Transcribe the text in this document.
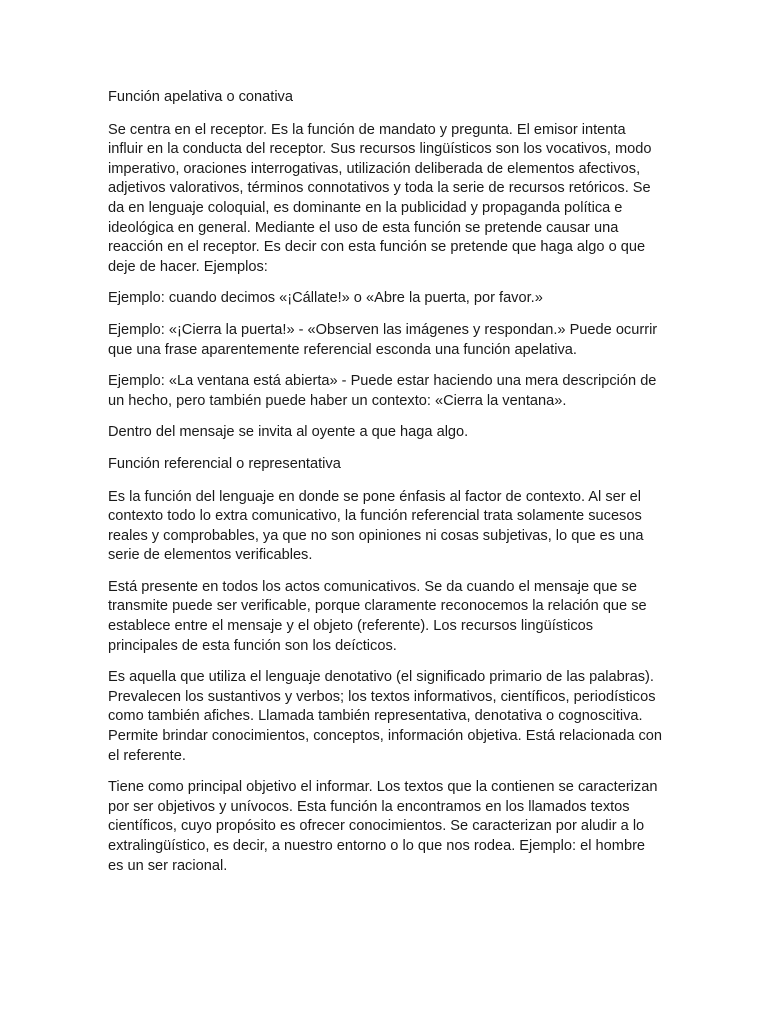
Función apelativa o conativa

Se centra en el receptor. Es la función de mandato y pregunta. El emisor intenta influir en la conducta del receptor. Sus recursos lingüísticos son los vocativos, modo imperativo, oraciones interrogativas, utilización deliberada de elementos afectivos, adjetivos valorativos, términos connotativos y toda la serie de recursos retóricos. Se da en lenguaje coloquial, es dominante en la publicidad y propaganda política e ideológica en general. Mediante el uso de esta función se pretende causar una reacción en el receptor. Es decir con esta función se pretende que haga algo o que deje de hacer. Ejemplos:

Ejemplo: cuando decimos «¡Cállate!» o «Abre la puerta, por favor.»

Ejemplo: «¡Cierra la puerta!» - «Observen las imágenes y respondan.» Puede ocurrir que una frase aparentemente referencial esconda una función apelativa.

Ejemplo: «La ventana está abierta» - Puede estar haciendo una mera descripción de un hecho, pero también puede haber un contexto: «Cierra la ventana».

Dentro del mensaje se invita al oyente a que haga algo.

Función referencial o representativa

Es la función del lenguaje en donde se pone énfasis al factor de contexto. Al ser el contexto todo lo extra comunicativo, la función referencial trata solamente sucesos reales y comprobables, ya que no son opiniones ni cosas subjetivas, lo que es una serie de elementos verificables.

Está presente en todos los actos comunicativos. Se da cuando el mensaje que se transmite puede ser verificable, porque claramente reconocemos la relación que se establece entre el mensaje y el objeto (referente). Los recursos lingüísticos principales de esta función son los deícticos.

Es aquella que utiliza el lenguaje denotativo (el significado primario de las palabras). Prevalecen los sustantivos y verbos; los textos informativos, científicos, periodísticos como también afiches. Llamada también representativa, denotativa o cognoscitiva. Permite brindar conocimientos, conceptos, información objetiva. Está relacionada con el referente.

Tiene como principal objetivo el informar. Los textos que la contienen se caracterizan por ser objetivos y unívocos. Esta función la encontramos en los llamados textos científicos, cuyo propósito es ofrecer conocimientos. Se caracterizan por aludir a lo extralingüístico, es decir, a nuestro entorno o lo que nos rodea. Ejemplo: el hombre es un ser racional.
